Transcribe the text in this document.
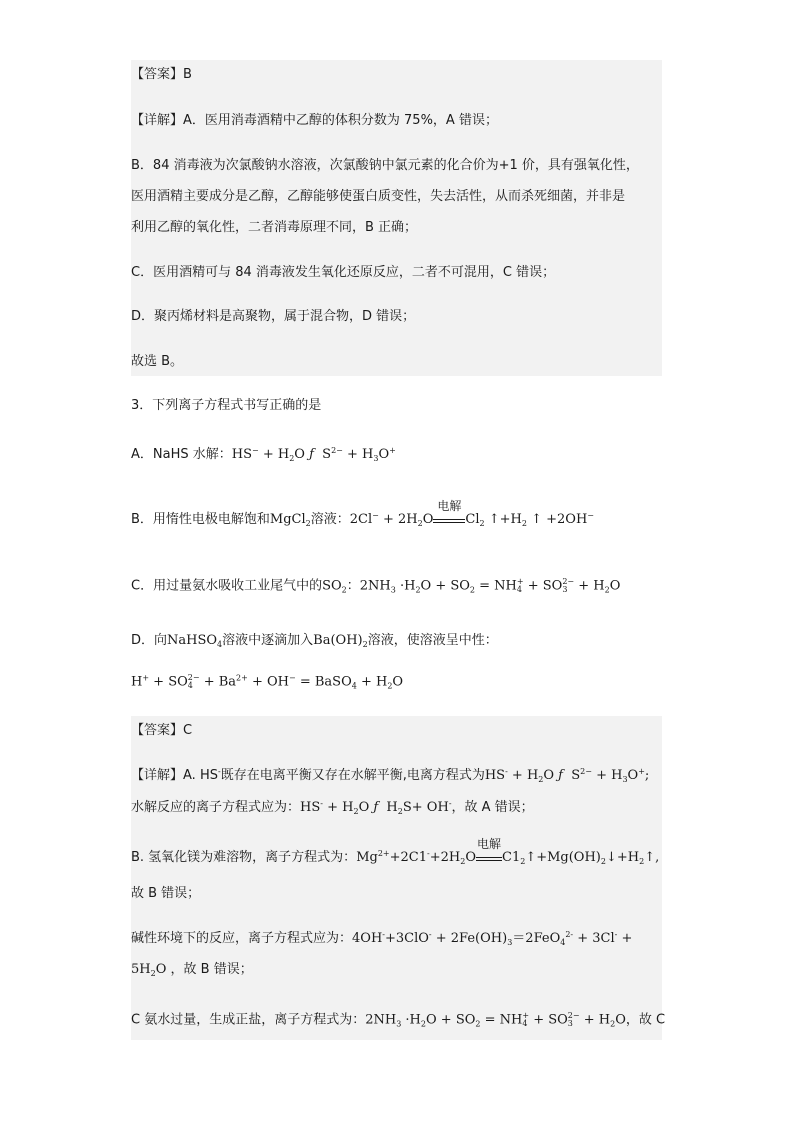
【答案】B
【详解】A．医用消毒酒精中乙醇的体积分数为 75%，A 错误；
B．84 消毒液为次氯酸钠水溶液，次氯酸钠中氯元素的化合价为+1 价，具有强氧化性，
医用酒精主要成分是乙醇，乙醇能够使蛋白质变性，失去活性，从而杀死细菌，并非是
利用乙醇的氧化性，二者消毒原理不同，B 正确；
C．医用酒精可与 84 消毒液发生氧化还原反应，二者不可混用，C 错误；
D．聚丙烯材料是高聚物，属于混合物，D 错误；
故选 B。
3．下列离子方程式书写正确的是
A．NaHS 水解：$HS^- + H_2O$ ƒ  $S^{2-} + H_3O^+$
B．用惰性电极电解饱和MgCl$_2$溶液：$2Cl^- + 2H_2O$
电解
$Cl_2$ $↑+H_2$ ↑ +2OH−
C．用过量氨水吸收工业尾气中的$SO_2$：$2NH_3 \cdot H_2O + SO_2$ = NH +
4 + SO 2−
$3 + H_2O$
D．向NaHSO$_4$溶液中逐滴加入$Ba(OH)_2$溶液，使溶液呈中性：
H+ + SO 2−
$4 + Ba^{2+} + OH^-$ = BaSO$_4$ + $H_2O$
【答案】C
【详解】A. HS-既存在电离平衡又存在水解平衡,电离方程式为$HS^- + H_2O$ ƒ  $S^{2-} + H_3O^+$;
水解反应的离子方程式应为：$HS^- + H_2O$ ƒ  $H_2S+ OH^-$，故 A 错误；
B. 氢氧化镁为难溶物，离子方程式为：$Mg^{2+}+2C1^-+2H_2O$
电解
$C1_2↑+Mg(OH)_2↓+H_2↑$,
故 B 错误；
碱性环境下的反应，离子方程式应为：$4OH^-+3ClO^- + 2Fe(OH)_3=2FeO_4^{2-} + 3Cl^-$ +
$5H_2O$ ，故 B 错误；
C 氨水过量，生成正盐，离子方程式为：$2NH_3 \cdot H_2O + SO_2$ = NH +
4 + SO 2−
$3 + H_2O$，故 C
